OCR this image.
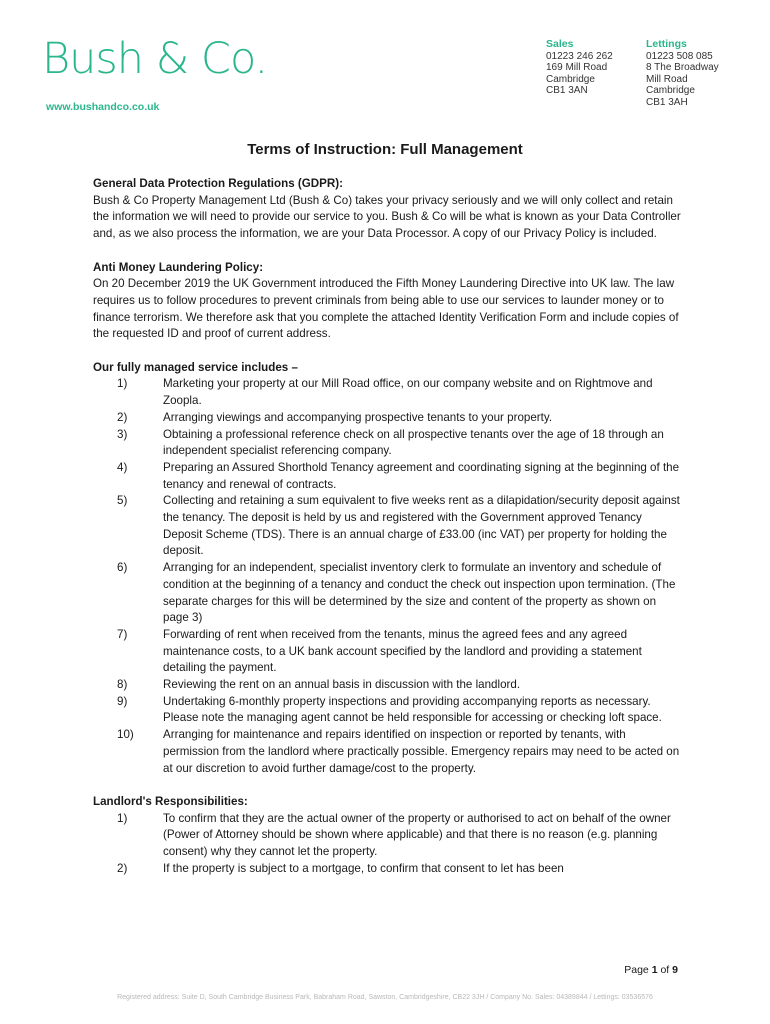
Bush & Co.
www.bushandco.co.uk
Sales
01223 246 262
169 Mill Road
Cambridge
CB1 3AN
Lettings
01223 508 085
8 The Broadway
Mill Road
Cambridge
CB1 3AH
Terms of Instruction: Full Management
General Data Protection Regulations (GDPR):

Bush & Co Property Management Ltd (Bush & Co) takes your privacy seriously and we will only collect and retain the information we will need to provide our service to you. Bush & Co will be what is known as your Data Controller and, as we also process the information, we are your Data Processor. A copy of our Privacy Policy is included.

Anti Money Laundering Policy:

On 20 December 2019 the UK Government introduced the Fifth Money Laundering Directive into UK law. The law requires us to follow procedures to prevent criminals from being able to use our services to launder money or to finance terrorism. We therefore ask that you complete the attached Identity Verification Form and include copies of the requested ID and proof of current address.

Our fully managed service includes –
1)	Marketing your property at our Mill Road office, on our company website and on Rightmove and Zoopla.
2)	Arranging viewings and accompanying prospective tenants to your property.
3)	Obtaining a professional reference check on all prospective tenants over the age of 18 through an independent specialist referencing company.
4)	Preparing an Assured Shorthold Tenancy agreement and coordinating signing at the beginning of the tenancy and renewal of contracts.
5)	Collecting and retaining a sum equivalent to five weeks rent as a dilapidation/security deposit against the tenancy. The deposit is held by us and registered with the Government approved Tenancy Deposit Scheme (TDS). There is an annual charge of £33.00 (inc VAT) per property for holding the deposit.
6)	Arranging for an independent, specialist inventory clerk to formulate an inventory and schedule of condition at the beginning of a tenancy and conduct the check out inspection upon termination. (The separate charges for this will be determined by the size and content of the property as shown on page 3)
7)	Forwarding of rent when received from the tenants, minus the agreed fees and any agreed maintenance costs, to a UK bank account specified by the landlord and providing a statement detailing the payment.
8)	Reviewing the rent on an annual basis in discussion with the landlord.
9)	Undertaking 6-monthly property inspections and providing accompanying reports as necessary. Please note the managing agent cannot be held responsible for accessing or checking loft space.
10)	Arranging for maintenance and repairs identified on inspection or reported by tenants, with permission from the landlord where practically possible. Emergency repairs may need to be acted on at our discretion to avoid further damage/cost to the property.
Landlord's Responsibilities:
1)	To confirm that they are the actual owner of the property or authorised to act on behalf of the owner (Power of Attorney should be shown where applicable) and that there is no reason (e.g. planning consent) why they cannot let the property.
2)	If the property is subject to a mortgage, to confirm that consent to let has been
Page 1 of 9
Registered address: Suite D, South Cambridge Business Park, Babraham Road, Sawston, Cambridgeshire, CB22 3JH / Company No. Sales: 04389844 / Lettings: 03536576
